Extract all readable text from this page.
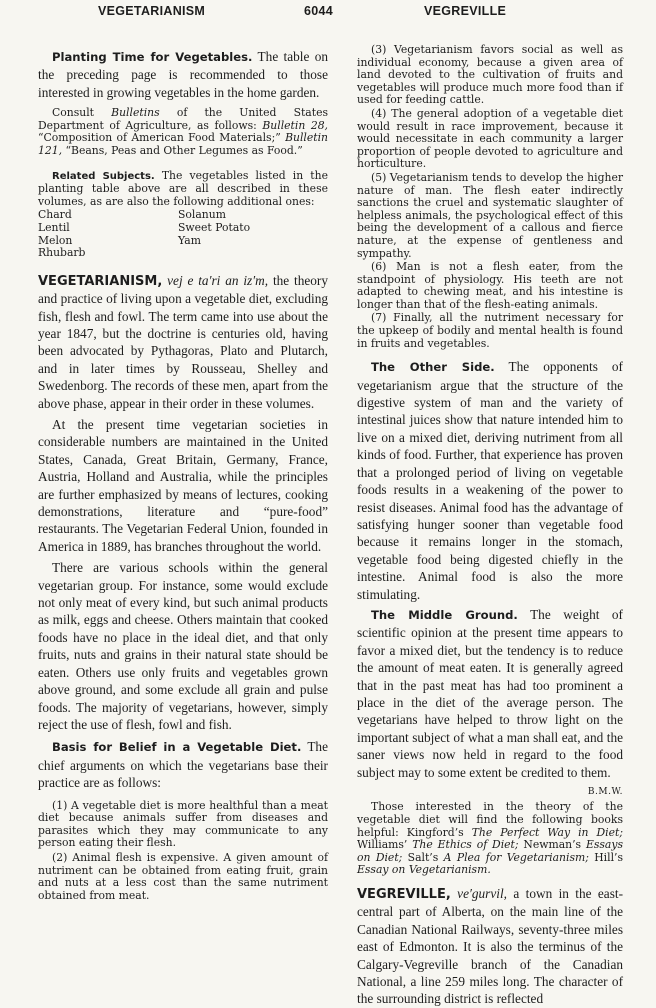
VEGETARIANISM	6044	VEGREVILLE

Planting Time for Vegetables. The table on the preceding page is recommended to those interested in growing vegetables in the home garden.

Consult Bulletins of the United States Department of Agriculture, as follows: Bulletin 28, “Composition of American Food Materials;” Bulletin 121, “Beans, Peas and Other Legumes as Food.”

Related Subjects. The vegetables listed in the planting table above are all described in these volumes, as are also the following additional ones:

Chard
Lentil
Melon
Rhubarb
Solanum
Sweet Potato
Yam

VEGETARIANISM, vej e ta′ri an iz′m, the theory and practice of living upon a vegetable diet, excluding fish, flesh and fowl. The term came into use about the year 1847, but the doctrine is centuries old, having been advocated by Pythagoras, Plato and Plutarch, and in later times by Rousseau, Shelley and Swedenborg. The records of these men, apart from the above phase, appear in their order in these volumes.

At the present time vegetarian societies in considerable numbers are maintained in the United States, Canada, Great Britain, Germany, France, Austria, Holland and Australia, while the principles are further emphasized by means of lectures, cooking demonstrations, literature and “pure-food” restaurants. The Vegetarian Federal Union, founded in America in 1889, has branches throughout the world.

There are various schools within the general vegetarian group. For instance, some would exclude not only meat of every kind, but such animal products as milk, eggs and cheese. Others maintain that cooked foods have no place in the ideal diet, and that only fruits, nuts and grains in their natural state should be eaten. Others use only fruits and vegetables grown above ground, and some exclude all grain and pulse foods. The majority of vegetarians, however, simply reject the use of flesh, fowl and fish.

Basis for Belief in a Vegetable Diet. The chief arguments on which the vegetarians base their practice are as follows:

(1) A vegetable diet is more healthful than a meat diet because animals suffer from diseases and parasites which they may communicate to any person eating their flesh.

(2) Animal flesh is expensive. A given amount of nutriment can be obtained from eating fruit, grain and nuts at a less cost than the same nutriment obtained from meat.

(3) Vegetarianism favors social as well as individual economy, because a given area of land devoted to the cultivation of fruits and vegetables will produce much more food than if used for feeding cattle.

(4) The general adoption of a vegetable diet would result in race improvement, because it would necessitate in each community a larger proportion of people devoted to agriculture and horticulture.

(5) Vegetarianism tends to develop the higher nature of man. The flesh eater indirectly sanctions the cruel and systematic slaughter of helpless animals, the psychological effect of this being the development of a callous and fierce nature, at the expense of gentleness and sympathy.

(6) Man is not a flesh eater, from the standpoint of physiology. His teeth are not adapted to chewing meat, and his intestine is longer than that of the flesh-eating animals.

(7) Finally, all the nutriment necessary for the upkeep of bodily and mental health is found in fruits and vegetables.

The Other Side. The opponents of vegetarianism argue that the structure of the digestive system of man and the variety of intestinal juices show that nature intended him to live on a mixed diet, deriving nutriment from all kinds of food. Further, that experience has proven that a prolonged period of living on vegetable foods results in a weakening of the power to resist diseases. Animal food has the advantage of satisfying hunger sooner than vegetable food because it remains longer in the stomach, vegetable food being digested chiefly in the intestine. Animal food is also the more stimulating.

The Middle Ground. The weight of scientific opinion at the present time appears to favor a mixed diet, but the tendency is to reduce the amount of meat eaten. It is generally agreed that in the past meat has had too prominent a place in the diet of the average person. The vegetarians have helped to throw light on the important subject of what a man shall eat, and the saner views now held in regard to the food subject may to some extent be credited to them.
B.M.W.

Those interested in the theory of the vegetable diet will find the following books helpful: Kingford’s The Perfect Way in Diet; Williams’ The Ethics of Diet; Newman’s Essays on Diet; Salt’s A Plea for Vegetarianism; Hill’s Essay on Vegetarianism.

VEGREVILLE, ve′gurvil, a town in the east-central part of Alberta, on the main line of the Canadian National Railways, seventy-three miles east of Edmonton. It is also the terminus of the Calgary-Vegreville branch of the Canadian National, a line 259 miles long. The character of the surrounding district is reflected
